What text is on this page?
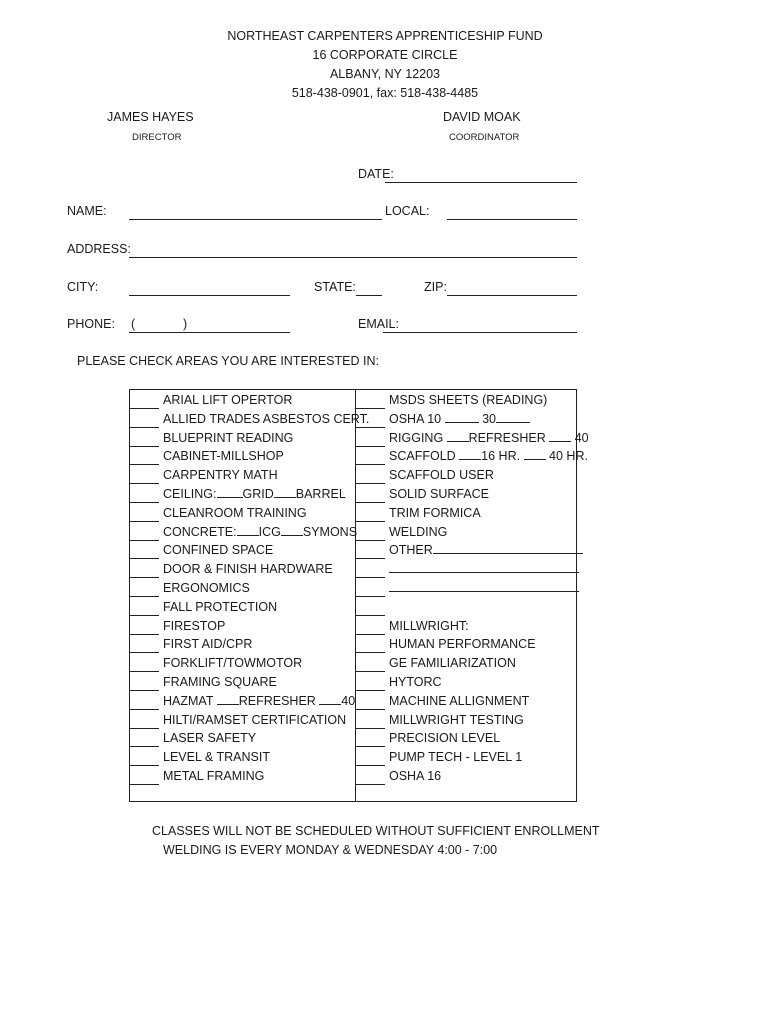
NORTHEAST CARPENTERS APPRENTICESHIP FUND
16 CORPORATE CIRCLE
ALBANY, NY 12203
518-438-0901, fax: 518-438-4485
JAMES HAYES
DIRECTOR
DAVID MOAK
COORDINATOR
DATE:
NAME:	LOCAL:
ADDRESS:
CITY:	STATE:	ZIP:
PHONE: (	)	EMAIL:
PLEASE CHECK AREAS YOU ARE INTERESTED IN:
ARIAL LIFT OPERTOR
ALLIED TRADES ASBESTOS CERT.
BLUEPRINT READING
CABINET-MILLSHOP
CARPENTRY MATH
CEILING: GRID BARREL
CLEANROOM TRAINING
CONCRETE: ICG SYMONS
CONFINED SPACE
DOOR & FINISH HARDWARE
ERGONOMICS
FALL PROTECTION
FIRESTOP
FIRST AID/CPR
FORKLIFT/TOWMOTOR
FRAMING SQUARE
HAZMAT REFRESHER 40
HILTI/RAMSET CERTIFICATION
LASER SAFETY
LEVEL & TRANSIT
METAL FRAMING
MSDS SHEETS (READING)
OSHA 10	30
RIGGING REFRESHER 40
SCAFFOLD 16 HR. 40 HR.
SCAFFOLD USER
SOLID SURFACE
TRIM FORMICA
WELDING
OTHER
MILLWRIGHT:
HUMAN PERFORMANCE
GE FAMILIARIZATION
HYTORC
MACHINE ALLIGNMENT
MILLWRIGHT TESTING
PRECISION LEVEL
PUMP TECH - LEVEL 1
OSHA 16
CLASSES WILL NOT BE SCHEDULED WITHOUT SUFFICIENT ENROLLMENT
WELDING IS EVERY MONDAY & WEDNESDAY 4:00 - 7:00
